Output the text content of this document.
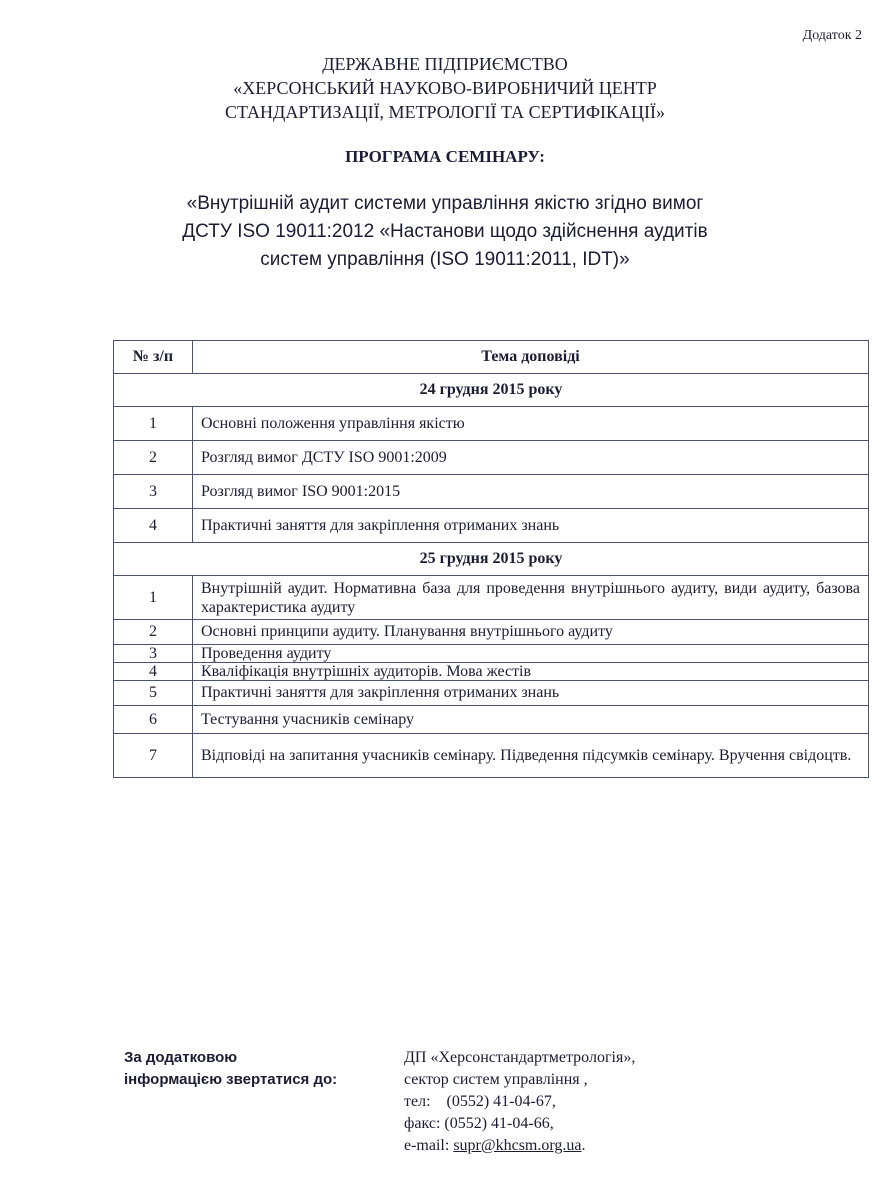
Додаток 2
ДЕРЖАВНЕ ПІДПРИЄМСТВО
«ХЕРСОНСЬКИЙ НАУКОВО-ВИРОБНИЧИЙ ЦЕНТР
СТАНДАРТИЗАЦІЇ, МЕТРОЛОГІЇ ТА СЕРТИФІКАЦІЇ»
ПРОГРАМА СЕМІНАРУ:
«Внутрішній аудит системи управління якістю згідно вимог
ДСТУ ISO 19011:2012 «Настанови щодо здійснення аудитів
систем управління (ISO 19011:2011, IDT)»
№ з/п	Тема доповіді
24 грудня 2015 року	
1	Основні положення управління якістю
2	Розгляд вимог ДСТУ ISO 9001:2009
3	Розгляд вимог ISO 9001:2015
4	Практичні заняття для закріплення отриманих знань
25 грудня 2015 року	
1	Внутрішній аудит. Нормативна база для проведення внутрішнього аудиту, види аудиту, базова характеристика аудиту
2	Основні принципи аудиту. Планування внутрішнього аудиту
3	Проведення аудиту
4	Кваліфікація внутрішніх аудиторів. Мова жестів
5	Практичні заняття для закріплення отриманих знань
6	Тестування учасників семінару
7	Відповіді на запитання учасників семінару. Підведення підсумків семінару. Вручення свідоцтв.
За додатковою
інформацією звертатися до:
ДП «Херсонстандартметрологія»,
сектор систем управління ,
тел:    (0552) 41-04-67,
факс: (0552) 41-04-66,
e-mail: supr@khcsm.org.ua.
